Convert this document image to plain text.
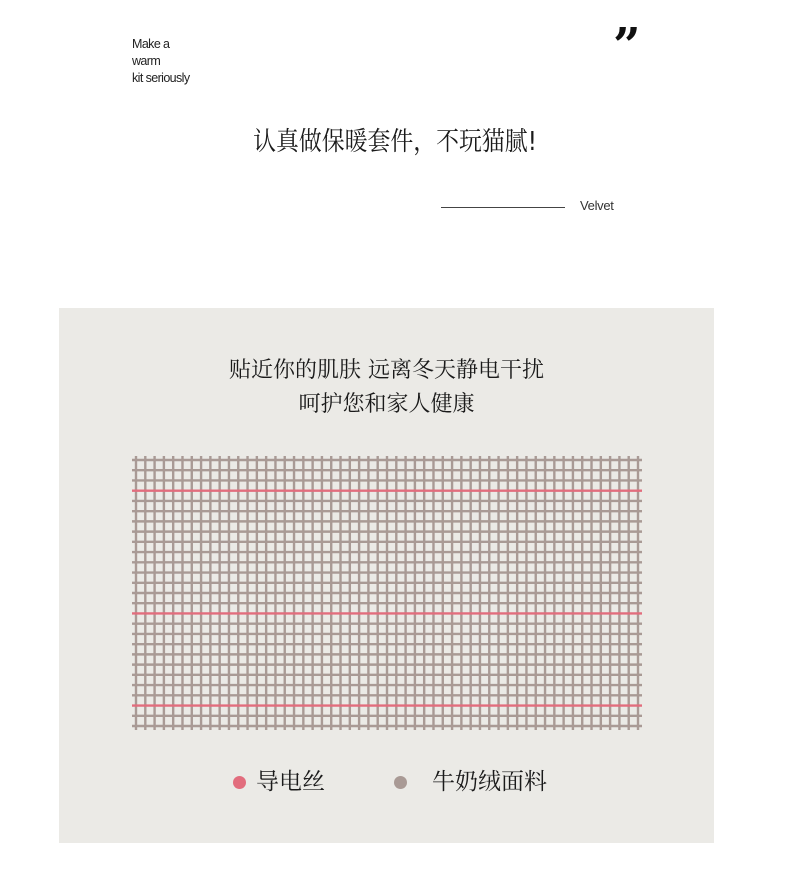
Make a
warm
kit seriously
”
认真做保暖套件，不玩猫腻!
Velvet
贴近你的肌肤 远离冬天静电干扰
呵护您和家人健康
导电丝	牛奶绒面料
